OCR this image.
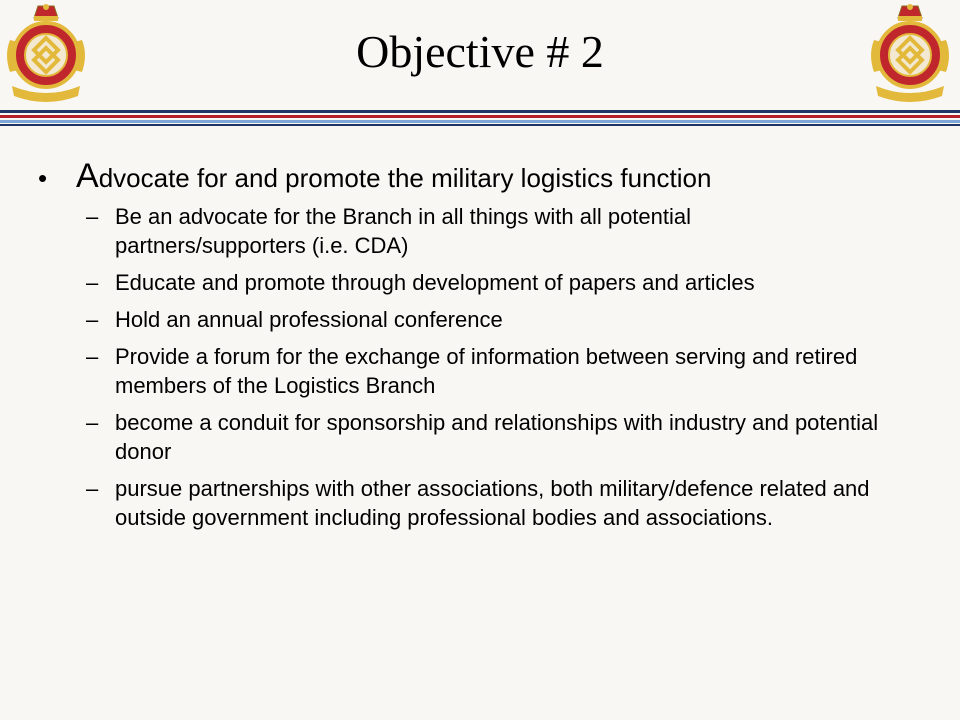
Objective # 2
• Advocate for and promote the military logistics function
– Be an advocate for the Branch in all things with all potential partners/supporters (i.e. CDA)
– Educate and promote through development of papers and articles
– Hold an annual professional conference
– Provide a forum for the exchange of information between serving and retired members of the Logistics Branch
– become a conduit for sponsorship and relationships with industry and potential donor
– pursue partnerships with other associations, both military/defence related and outside government including professional bodies and associations.
